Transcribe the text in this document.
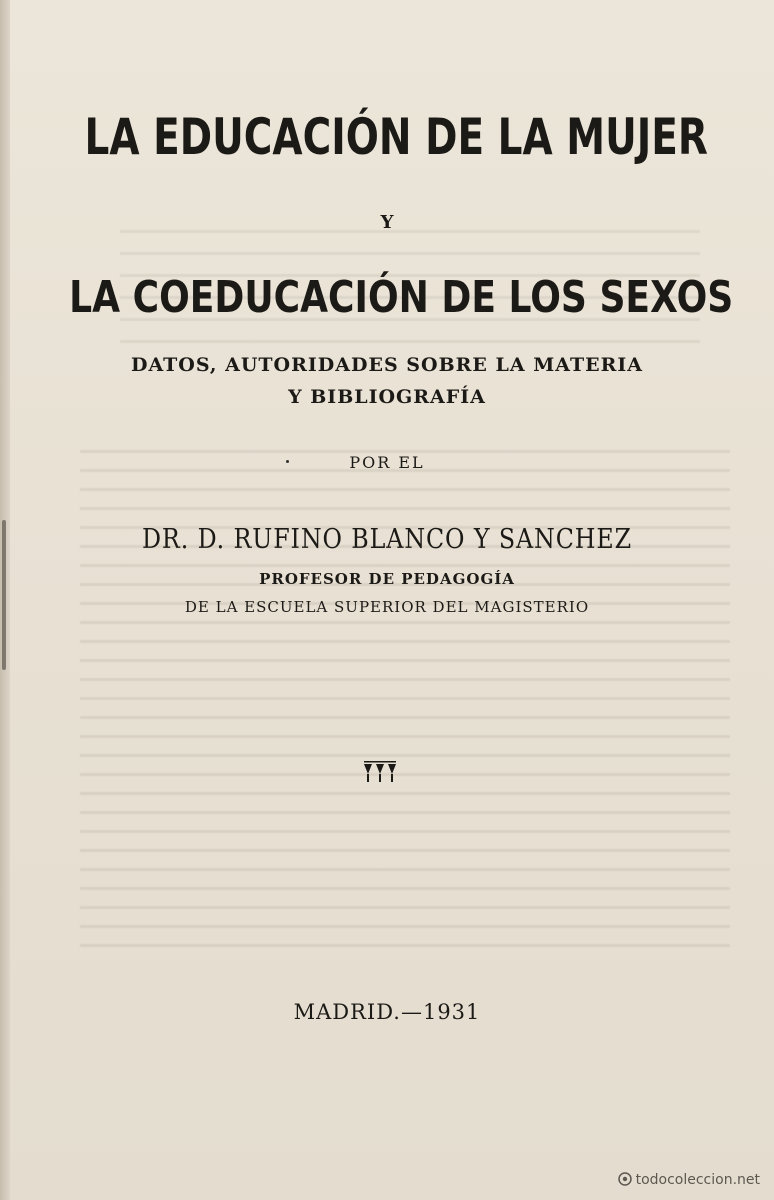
LA EDUCACIÓN DE LA MUJER
Y
LA COEDUCACIÓN DE LOS SEXOS
DATOS, AUTORIDADES SOBRE LA MATERIA
Y BIBLIOGRAFÍA
POR EL
DR. D. RUFINO BLANCO Y SANCHEZ
PROFESOR DE PEDAGOGÍA
DE LA ESCUELA SUPERIOR DEL MAGISTERIO
MADRID.—1931
todocoleccion.net
